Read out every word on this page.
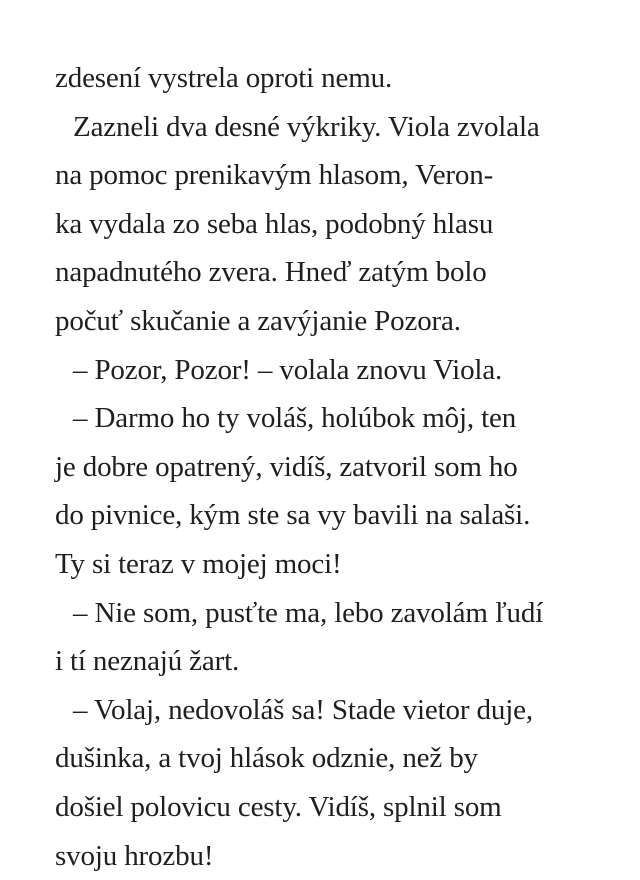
zdesení vystrela oproti nemu.
Zazneli dva desné výkriky. Viola zvolala
na pomoc prenikavým hlasom, Veron-
ka vydala zo seba hlas, podobný hlasu
napadnutého zvera. Hneď zatým bolo
počuť skučanie a zavýjanie Pozora.
– Pozor, Pozor! – volala znovu Viola.
– Darmo ho ty voláš, holúbok môj, ten
je dobre opatrený, vidíš, zatvoril som ho
do pivnice, kým ste sa vy bavili na salaši.
Ty si teraz v mojej moci!
– Nie som, pusťte ma, lebo zavolám ľudí
i tí neznajú žart.
– Volaj, nedovoláš sa! Stade vietor duje,
dušinka, a tvoj hlások odznie, než by
došiel polovicu cesty. Vidíš, splnil som
svoju hrozbu!
